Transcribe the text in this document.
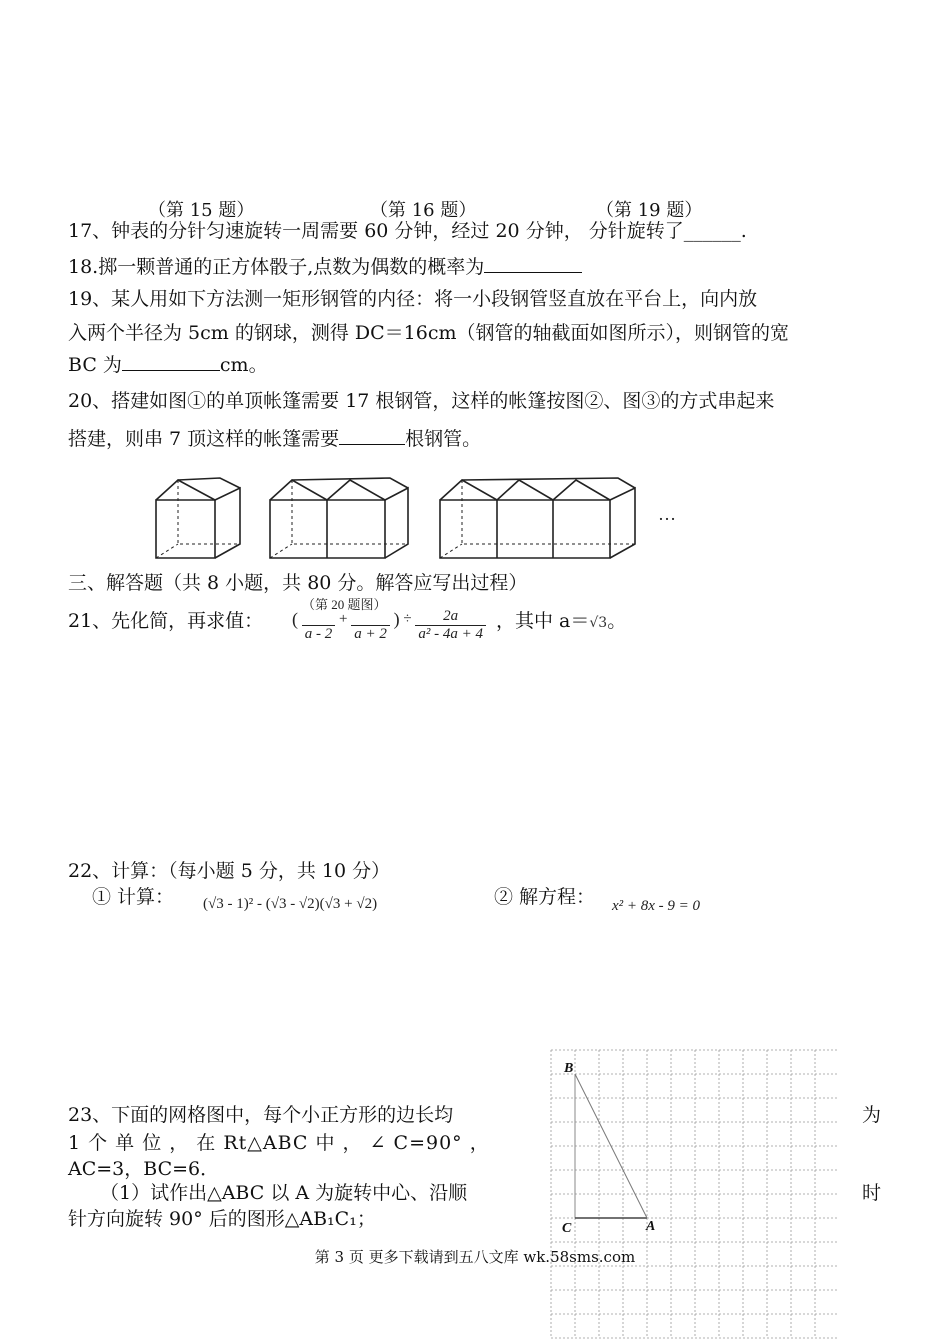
（第 15 题）	（第 16 题）	（第 19 题）
17、钟表的分针匀速旋转一周需要 60 分钟，经过 20 分钟， 分针旋转了______.
18.掷一颗普通的正方体骰子,点数为偶数的概率为
19、某人用如下方法测一矩形钢管的内径：将一小段钢管竖直放在平台上，向内放
入两个半径为 5cm 的钢球，测得 DC＝16cm（钢管的轴截面如图所示），则钢管的宽
BC 为	cm。
20、搭建如图①的单顶帐篷需要 17 根钢管，这样的帐篷按图②、图③的方式串起来
搭建，则串 7 顶这样的帐篷需要	根钢管。
…
三、解答题（共 8 小题，共 80 分。解答应写出过程）
21、先化简，再求值：
（第 20 题图）
(
a - 2
+
a + 2
) ÷ $\frac{2a}{\text{a² - 4a + 4}}$ ，其中 a＝√3。
22、计算：（每小题 5 分，共 10 分）
① 计算： (√3 - 1)² - (√3 - √2)(√3 + √2)	② 解方程： x² + 8x - 9 = 0
23、下面的网格图中，每个小正方形的边长均	为
1 个 单 位 ， 在 Rt△ABC 中 ， ∠ C=90° ，
AC=3，BC=6．
（1）试作出△ABC 以 A 为旋转中心、沿顺	时
针方向旋转 90° 后的图形△AB₁C₁；
B
C	A
第 3 页 更多下载请到五八文库 wk.58sms.com
